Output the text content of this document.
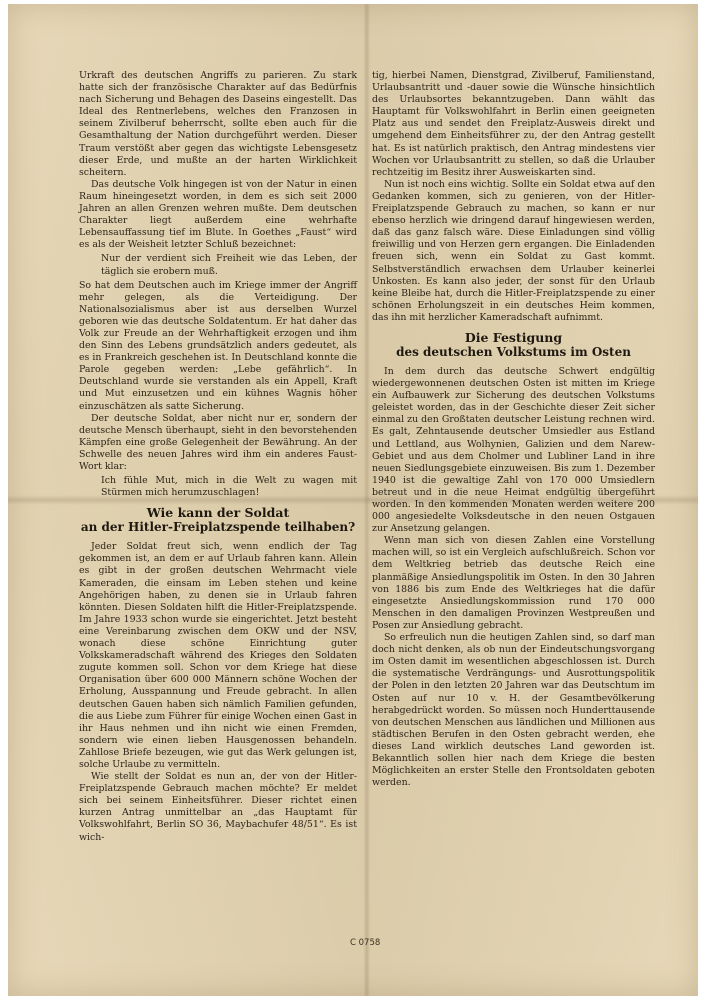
Urkraft des deutschen Angriffs zu parieren. Zu stark hatte sich der französische Charakter auf das Bedürfnis nach Sicherung und Behagen des Daseins eingestellt. Das Ideal des Rentnerlebens, welches den Franzosen in seinem Zivilberuf beherrscht, sollte eben auch für die Gesamthaltung der Nation durchgeführt werden. Dieser Traum verstößt aber gegen das wichtigste Lebensgesetz dieser Erde, und mußte an der harten Wirklichkeit scheitern.

Das deutsche Volk hingegen ist von der Natur in einen Raum hineingesetzt worden, in dem es sich seit 2000 Jahren an allen Grenzen wehren mußte. Dem deutschen Charakter liegt außerdem eine wehrhafte Lebensauffassung tief im Blute. In Goethes „Faust“ wird es als der Weisheit letzter Schluß bezeichnet:

Nur der verdient sich Freiheit wie das Leben, der täglich sie erobern muß.

So hat dem Deutschen auch im Kriege immer der Angriff mehr gelegen, als die Verteidigung. Der Nationalsozialismus aber ist aus derselben Wurzel geboren wie das deutsche Soldatentum. Er hat daher das Volk zur Freude an der Wehrhaftigkeit erzogen und ihm den Sinn des Lebens grundsätzlich anders gedeutet, als es in Frankreich geschehen ist. In Deutschland konnte die Parole gegeben werden: „Lebe gefährlich“. In Deutschland wurde sie verstanden als ein Appell, Kraft und Mut einzusetzen und ein kühnes Wagnis höher einzuschätzen als satte Sicherung.

Der deutsche Soldat, aber nicht nur er, sondern der deutsche Mensch überhaupt, sieht in den bevorstehenden Kämpfen eine große Gelegenheit der Bewährung. An der Schwelle des neuen Jahres wird ihm ein anderes Faust-Wort klar:

Ich fühle Mut, mich in die Welt zu wagen mit Stürmen mich herumzuschlagen!

Wie kann der Soldat
an der Hitler-Freiplatzspende teilhaben?

Jeder Soldat freut sich, wenn endlich der Tag gekommen ist, an dem er auf Urlaub fahren kann. Allein es gibt in der großen deutschen Wehrmacht viele Kameraden, die einsam im Leben stehen und keine Angehörigen haben, zu denen sie in Urlaub fahren könnten. Diesen Soldaten hilft die Hitler-Freiplatzspende. Im Jahre 1933 schon wurde sie eingerichtet. Jetzt besteht eine Vereinbarung zwischen dem OKW und der NSV, wonach diese schöne Einrichtung guter Volkskameradschaft während des Krieges den Soldaten zugute kommen soll. Schon vor dem Kriege hat diese Organisation über 600 000 Männern schöne Wochen der Erholung, Ausspannung und Freude gebracht. In allen deutschen Gauen haben sich nämlich Familien gefunden, die aus Liebe zum Führer für einige Wochen einen Gast in ihr Haus nehmen und ihn nicht wie einen Fremden, sondern wie einen lieben Hausgenossen behandeln. Zahllose Briefe bezeugen, wie gut das Werk gelungen ist, solche Urlaube zu vermitteln.

Wie stellt der Soldat es nun an, der von der Hitler-Freiplatzspende Gebrauch machen möchte? Er meldet sich bei seinem Einheitsführer. Dieser richtet einen kurzen Antrag unmittelbar an „das Hauptamt für Volkswohlfahrt, Berlin SO 36, Maybachufer 48/51“. Es ist wich-

tig, hierbei Namen, Dienstgrad, Zivilberuf, Familienstand, Urlaubsantritt und -dauer sowie die Wünsche hinsichtlich des Urlaubsortes bekanntzugeben. Dann wählt das Hauptamt für Volkswohlfahrt in Berlin einen geeigneten Platz aus und sendet den Freiplatz-Ausweis direkt und umgehend dem Einheitsführer zu, der den Antrag gestellt hat. Es ist natürlich praktisch, den Antrag mindestens vier Wochen vor Urlaubsantritt zu stellen, so daß die Urlauber rechtzeitig im Besitz ihrer Ausweiskarten sind.

Nun ist noch eins wichtig. Sollte ein Soldat etwa auf den Gedanken kommen, sich zu genieren, von der Hitler-Freiplatzspende Gebrauch zu machen, so kann er nur ebenso herzlich wie dringend darauf hingewiesen werden, daß das ganz falsch wäre. Diese Einladungen sind völlig freiwillig und von Herzen gern ergangen. Die Einladenden freuen sich, wenn ein Soldat zu Gast kommt. Selbstverständlich erwachsen dem Urlauber keinerlei Unkosten. Es kann also jeder, der sonst für den Urlaub keine Bleibe hat, durch die Hitler-Freiplatzspende zu einer schönen Erholungszeit in ein deutsches Heim kommen, das ihn mit herzlicher Kameradschaft aufnimmt.

Die Festigung
des deutschen Volkstums im Osten

In dem durch das deutsche Schwert endgültig wiedergewonnenen deutschen Osten ist mitten im Kriege ein Aufbauwerk zur Sicherung des deutschen Volkstums geleistet worden, das in der Geschichte dieser Zeit sicher einmal zu den Großtaten deutscher Leistung rechnen wird. Es galt, Zehntausende deutscher Umsiedler aus Estland und Lettland, aus Wolhynien, Galizien und dem Narew-Gebiet und aus dem Cholmer und Lubliner Land in ihre neuen Siedlungsgebiete einzuweisen. Bis zum 1. Dezember 1940 ist die gewaltige Zahl von 170 000 Umsiedlern betreut und in die neue Heimat endgültig übergeführt worden. In den kommenden Monaten werden weitere 200 000 angesiedelte Volksdeutsche in den neuen Ostgauen zur Ansetzung gelangen.

Wenn man sich von diesen Zahlen eine Vorstellung machen will, so ist ein Vergleich aufschlußreich. Schon vor dem Weltkrieg betrieb das deutsche Reich eine planmäßige Ansiedlungspolitik im Osten. In den 30 Jahren von 1886 bis zum Ende des Weltkrieges hat die dafür eingesetzte Ansiedlungskommission rund 170 000 Menschen in den damaligen Provinzen Westpreußen und Posen zur Ansiedlung gebracht.

So erfreulich nun die heutigen Zahlen sind, so darf man doch nicht denken, als ob nun der Eindeutschungsvorgang im Osten damit im wesentlichen abgeschlossen ist. Durch die systematische Verdrängungs- und Ausrottungspolitik der Polen in den letzten 20 Jahren war das Deutschtum im Osten auf nur 10 v. H. der Gesamtbevölkerung herabgedrückt worden. So müssen noch Hunderttausende von deutschen Menschen aus ländlichen und Millionen aus städtischen Berufen in den Osten gebracht werden, ehe dieses Land wirklich deutsches Land geworden ist. Bekanntlich sollen hier nach dem Kriege die besten Möglichkeiten an erster Stelle den Frontsoldaten geboten werden.

C 0758
